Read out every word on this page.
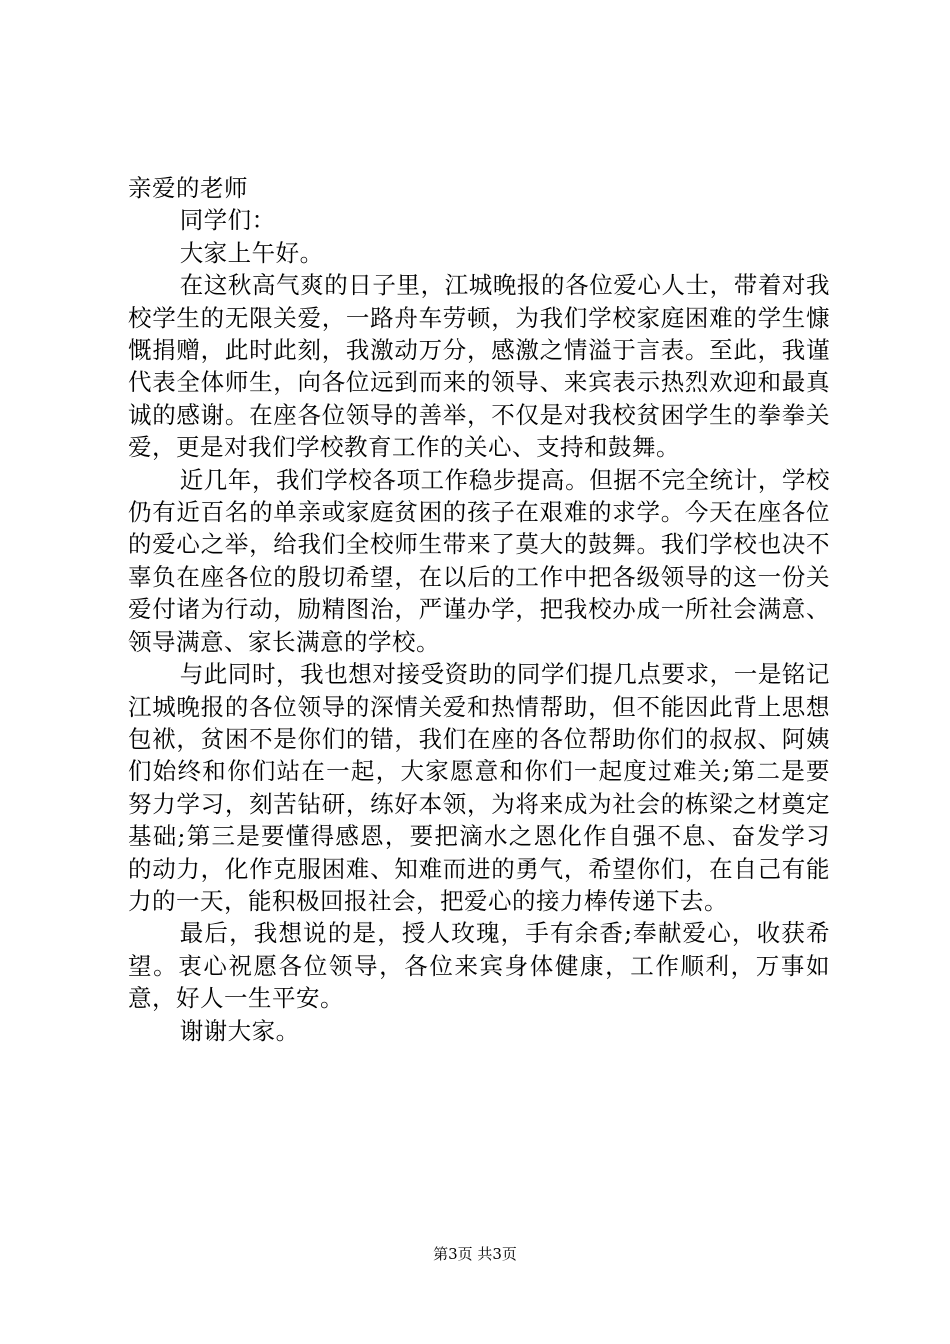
亲爱的老师

同学们：

大家上午好。

在这秋高气爽的日子里，江城晚报的各位爱心人士，带着对我校学生的无限关爱，一路舟车劳顿，为我们学校家庭困难的学生慷慨捐赠，此时此刻，我激动万分，感激之情溢于言表。至此，我谨代表全体师生，向各位远到而来的领导、来宾表示热烈欢迎和最真诚的感谢。在座各位领导的善举，不仅是对我校贫困学生的拳拳关爱，更是对我们学校教育工作的关心、支持和鼓舞。

近几年，我们学校各项工作稳步提高。但据不完全统计，学校仍有近百名的单亲或家庭贫困的孩子在艰难的求学。今天在座各位的爱心之举，给我们全校师生带来了莫大的鼓舞。我们学校也决不辜负在座各位的殷切希望，在以后的工作中把各级领导的这一份关爱付诸为行动，励精图治，严谨办学，把我校办成一所社会满意、领导满意、家长满意的学校。

与此同时，我也想对接受资助的同学们提几点要求，一是铭记江城晚报的各位领导的深情关爱和热情帮助，但不能因此背上思想包袱，贫困不是你们的错，我们在座的各位帮助你们的叔叔、阿姨们始终和你们站在一起，大家愿意和你们一起度过难关;第二是要努力学习，刻苦钻研，练好本领，为将来成为社会的栋梁之材奠定基础;第三是要懂得感恩，要把滴水之恩化作自强不息、奋发学习的动力，化作克服困难、知难而进的勇气，希望你们，在自己有能力的一天，能积极回报社会，把爱心的接力棒传递下去。

最后，我想说的是，授人玫瑰，手有余香;奉献爱心，收获希望。衷心祝愿各位领导，各位来宾身体健康，工作顺利，万事如意，好人一生平安。

谢谢大家。

第3页 共3页
